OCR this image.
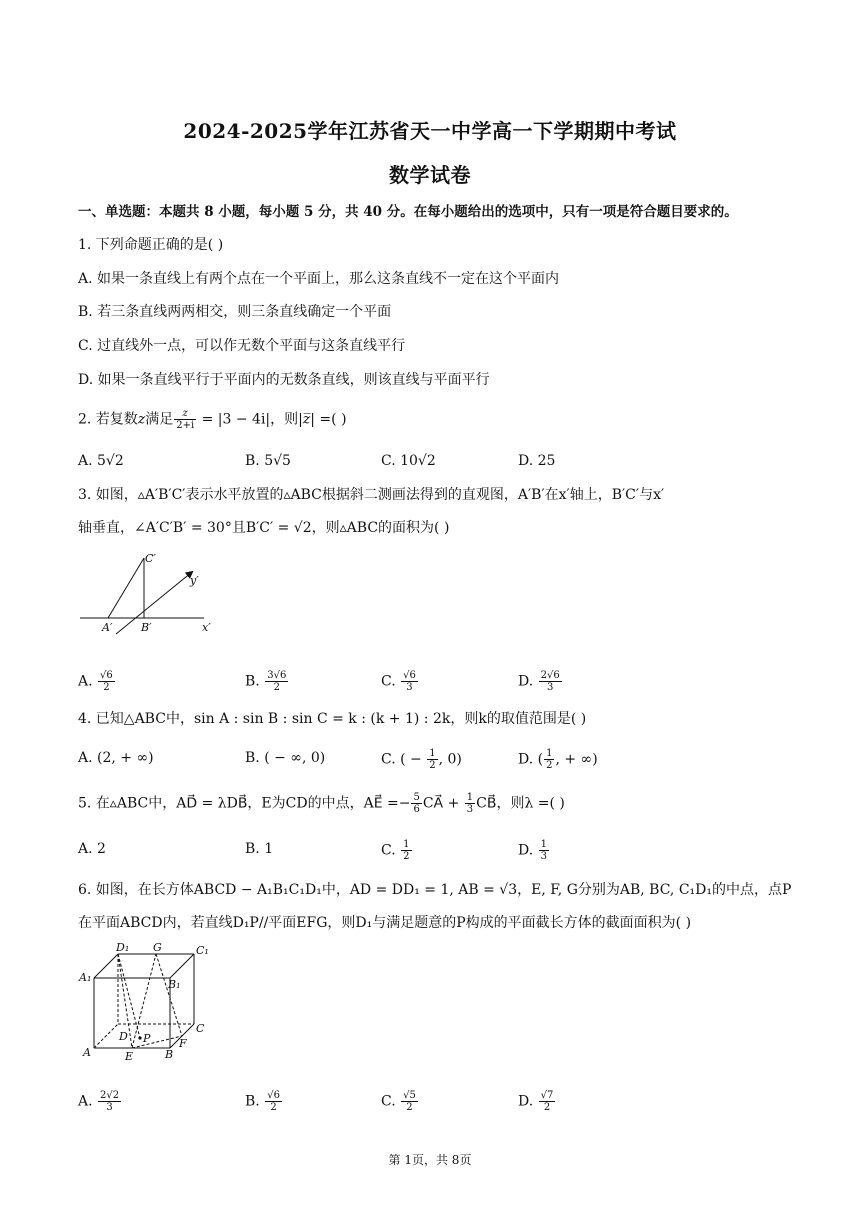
2024-2025学年江苏省天一中学高一下学期期中考试
数学试卷
一、单选题：本题共 8 小题，每小题 5 分，共 40 分。在每小题给出的选项中，只有一项是符合题目要求的。
1. 下列命题正确的是( )
A. 如果一条直线上有两个点在一个平面上，那么这条直线不一定在这个平面内
B. 若三条直线两两相交，则三条直线确定一个平面
C. 过直线外一点，可以作无数个平面与这条直线平行
D. 如果一条直线平行于平面内的无数条直线，则该直线与平面平行
2. 若复数z满足 $\frac{z}{2+i} = |3 - 4i|$，则|z̅| =( )
A. 5√2	B. 5√5	C. 10√2	D. 25
3. 如图，▵A′B′C′表示水平放置的▵ABC根据斜二测画法得到的直观图，A′B′在x′轴上，B′C′与x′
轴垂直，∠A′C′B′ = 30°且B′C′ = √2，则▵ABC的面积为( )
C′
A′	B′	x′
y′
A. $\frac{√6}{2}$	B. $\frac{3√6}{2}$	C. $\frac{√6}{3}$	D. $\frac{2√6}{3}$
4. 已知△ABC中，sin A : sin B : sin C = k : (k + 1) : 2k，则k的取值范围是( )
A. (2, + ∞)	B. ( − ∞, 0)	C. ( − $\frac{1}{2}$ , 0)	D. ( $\frac{1}{2}$ , + ∞)
5. 在▵ABC中，AD⃗ = λDB⃗，E为CD的中点，AE⃗ =− $\frac{5}{6}$ CA⃗ + $\frac{1}{3}$ CB⃗，则λ =( )
A. 2	B. 1	C. $\frac{1}{2}$	D. $\frac{1}{3}$
6. 如图，在长方体ABCD − A₁B₁C₁D₁中，AD = DD₁ = 1, AB = √3，E, F, G分别为AB, BC, C₁D₁的中点，点P
在平面ABCD内，若直线D₁P//平面EFG，则D₁与满足题意的P构成的平面截长方体的截面面积为( )
D₁ G	C₁
A₁
B₁
C
D P	F
A	E	B
A. $\frac{2√2}{3}$	B. $\frac{√6}{2}$	C. $\frac{√5}{2}$	D. $\frac{√7}{2}$
第 1页，共 8页
